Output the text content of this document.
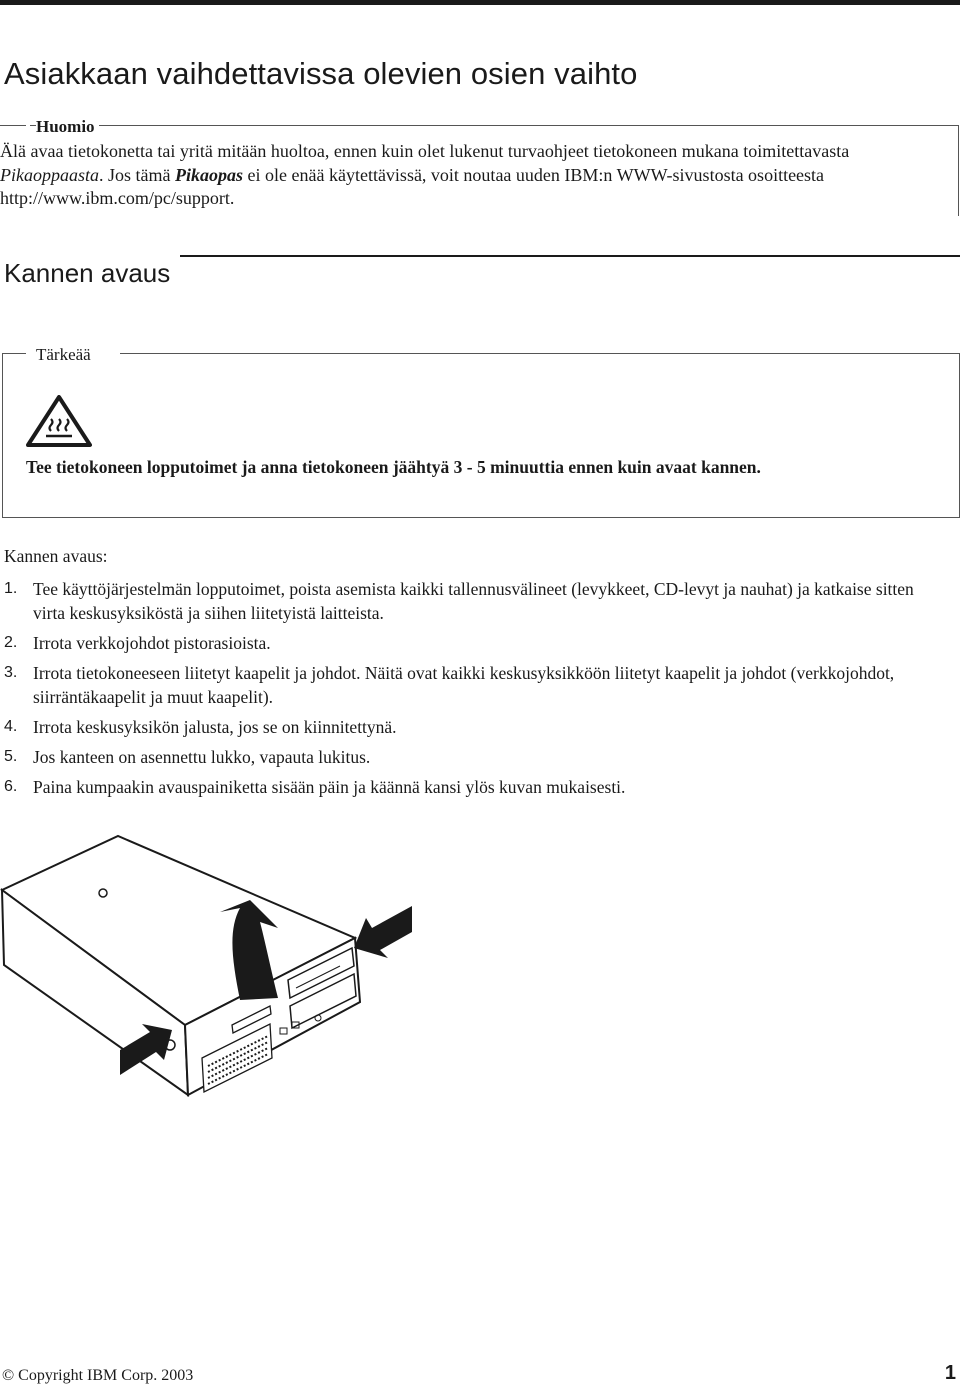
Asiakkaan vaihdettavissa olevien osien vaihto
Huomio
Älä avaa tietokonetta tai yritä mitään huoltoa, ennen kuin olet lukenut turvaohjeet tietokoneen mukana toimitettavasta Pikaoppaasta. Jos tämä Pikaopas ei ole enää käytettävissä, voit noutaa uuden IBM:n WWW-sivustosta osoitteesta http://www.ibm.com/pc/support.
Kannen avaus
Tärkeää
Tee tietokoneen lopputoimet ja anna tietokoneen jäähtyä 3 - 5 minuuttia ennen kuin avaat kannen.
Kannen avaus:
1. Tee käyttöjärjestelmän lopputoimet, poista asemista kaikki tallennusvälineet (levykkeet, CD-levyt ja nauhat) ja katkaise sitten virta keskusyksiköstä ja siihen liitetyistä laitteista.
2. Irrota verkkojohdot pistorasioista.
3. Irrota tietokoneeseen liitetyt kaapelit ja johdot. Näitä ovat kaikki keskusyksikköön liitetyt kaapelit ja johdot (verkkojohdot, siirräntäkaapelit ja muut kaapelit).
4. Irrota keskusyksikön jalusta, jos se on kiinnitettynä.
5. Jos kanteen on asennettu lukko, vapauta lukitus.
6. Paina kumpaakin avauspainiketta sisään päin ja käännä kansi ylös kuvan mukaisesti.
© Copyright IBM Corp. 2003	1
